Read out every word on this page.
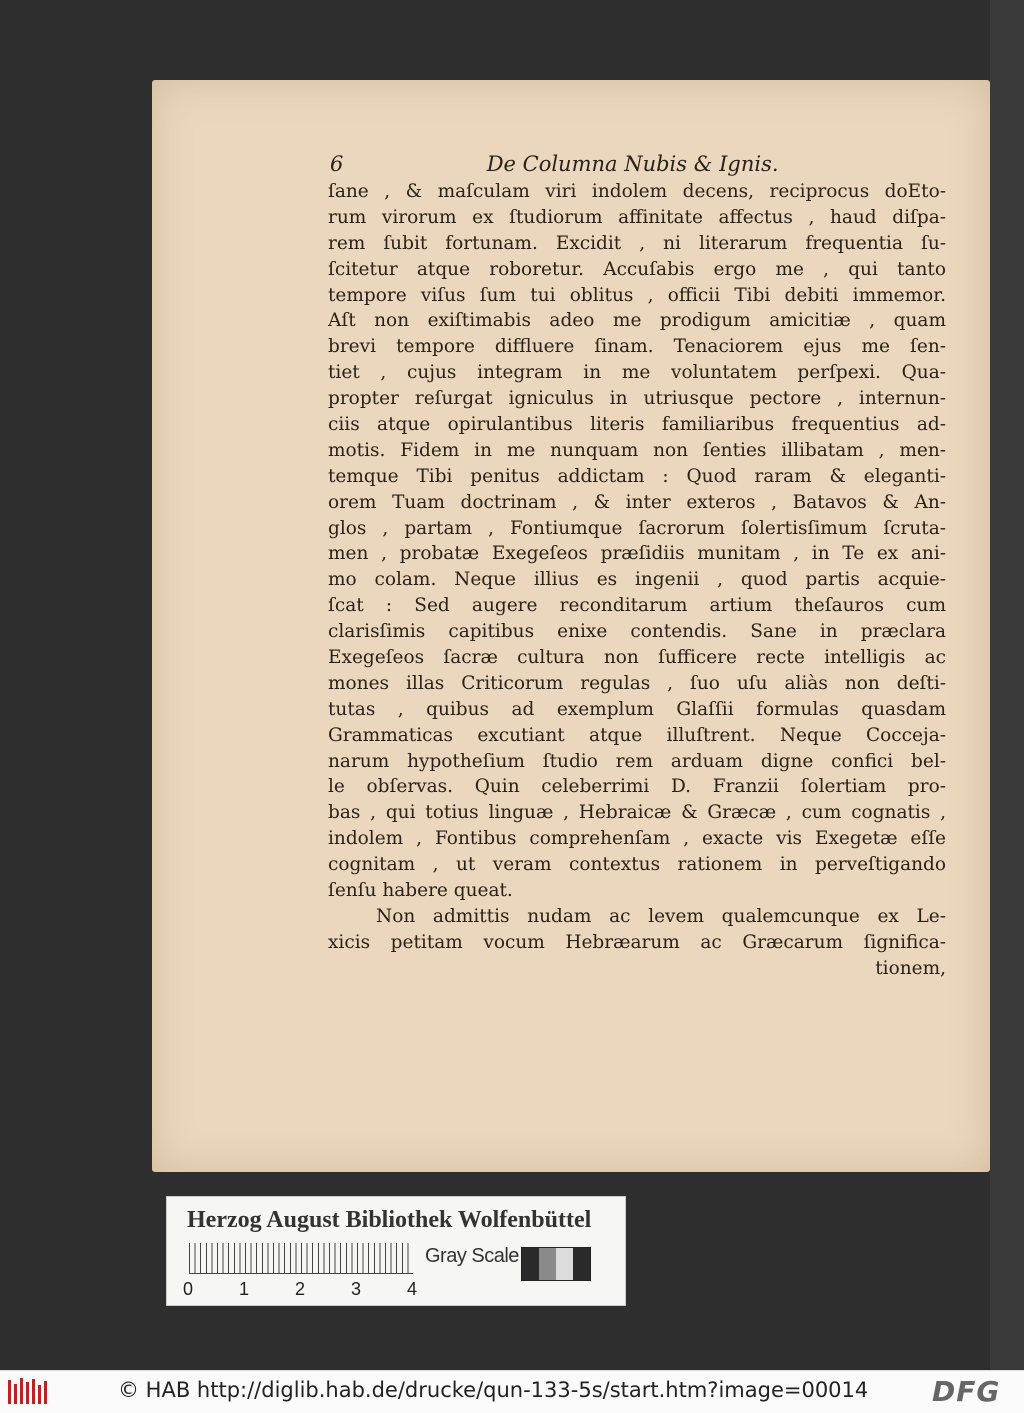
6	De Columna Nubis & Ignis.
ſane , & maſculam viri indolem decens, reciprocus doEto-
rum virorum ex ſtudiorum affinitate affectus , haud diſpa-
rem ſubit fortunam. Excidit , ni literarum frequentia ſu-
ſcitetur atque roboretur. Accuſabis ergo me , qui tanto
tempore viſus ſum tui oblitus , officii Tibi debiti immemor.
Aſt non exiſtimabis adeo me prodigum amicitiæ , quam
brevi tempore diffluere ſinam. Tenaciorem ejus me ſen-
tiet , cujus integram in me voluntatem perſpexi. Qua-
propter reſurgat igniculus in utriusque pectore , internun-
ciis atque opirulantibus literis familiaribus frequentius ad-
motis. Fidem in me nunquam non ſenties illibatam , men-
temque Tibi penitus addictam : Quod raram & eleganti-
orem Tuam doctrinam , & inter exteros , Batavos & An-
glos , partam , Fontiumque ſacrorum ſolertisſimum ſcruta-
men , probatæ Exegeſeos præſidiis munitam , in Te ex ani-
mo colam. Neque illius es ingenii , quod partis acquie-
ſcat : Sed augere reconditarum artium theſauros cum
clarisſimis capitibus enixe contendis. Sane in præclara
Exegeſeos ſacræ cultura non ſufficere recte intelligis ac
mones illas Criticorum regulas , ſuo uſu aliàs non deſti-
tutas , quibus ad exemplum Glaſſii formulas quasdam
Grammaticas excutiant atque illuſtrent. Neque Cocceja-
narum hypotheſium ſtudio rem arduam digne confici bel-
le obſervas. Quin celeberrimi D. Franzii ſolertiam pro-
bas , qui totius linguæ , Hebraicæ & Græcæ , cum cognatis ,
indolem , Fontibus comprehenſam , exacte vis Exegetæ eſſe
cognitam , ut veram contextus rationem in perveſtigando
ſenſu habere queat.
Non admittis nudam ac levem qualemcunque ex Le-
xicis petitam vocum Hebræarum ac Græcarum ſignifica-
tionem,
Herzog August Bibliothek Wolfenbüttel
0	1	2	3	4
Gray Scale
© HAB http://diglib.hab.de/drucke/qun-133-5s/start.htm?image=00014 DFG
